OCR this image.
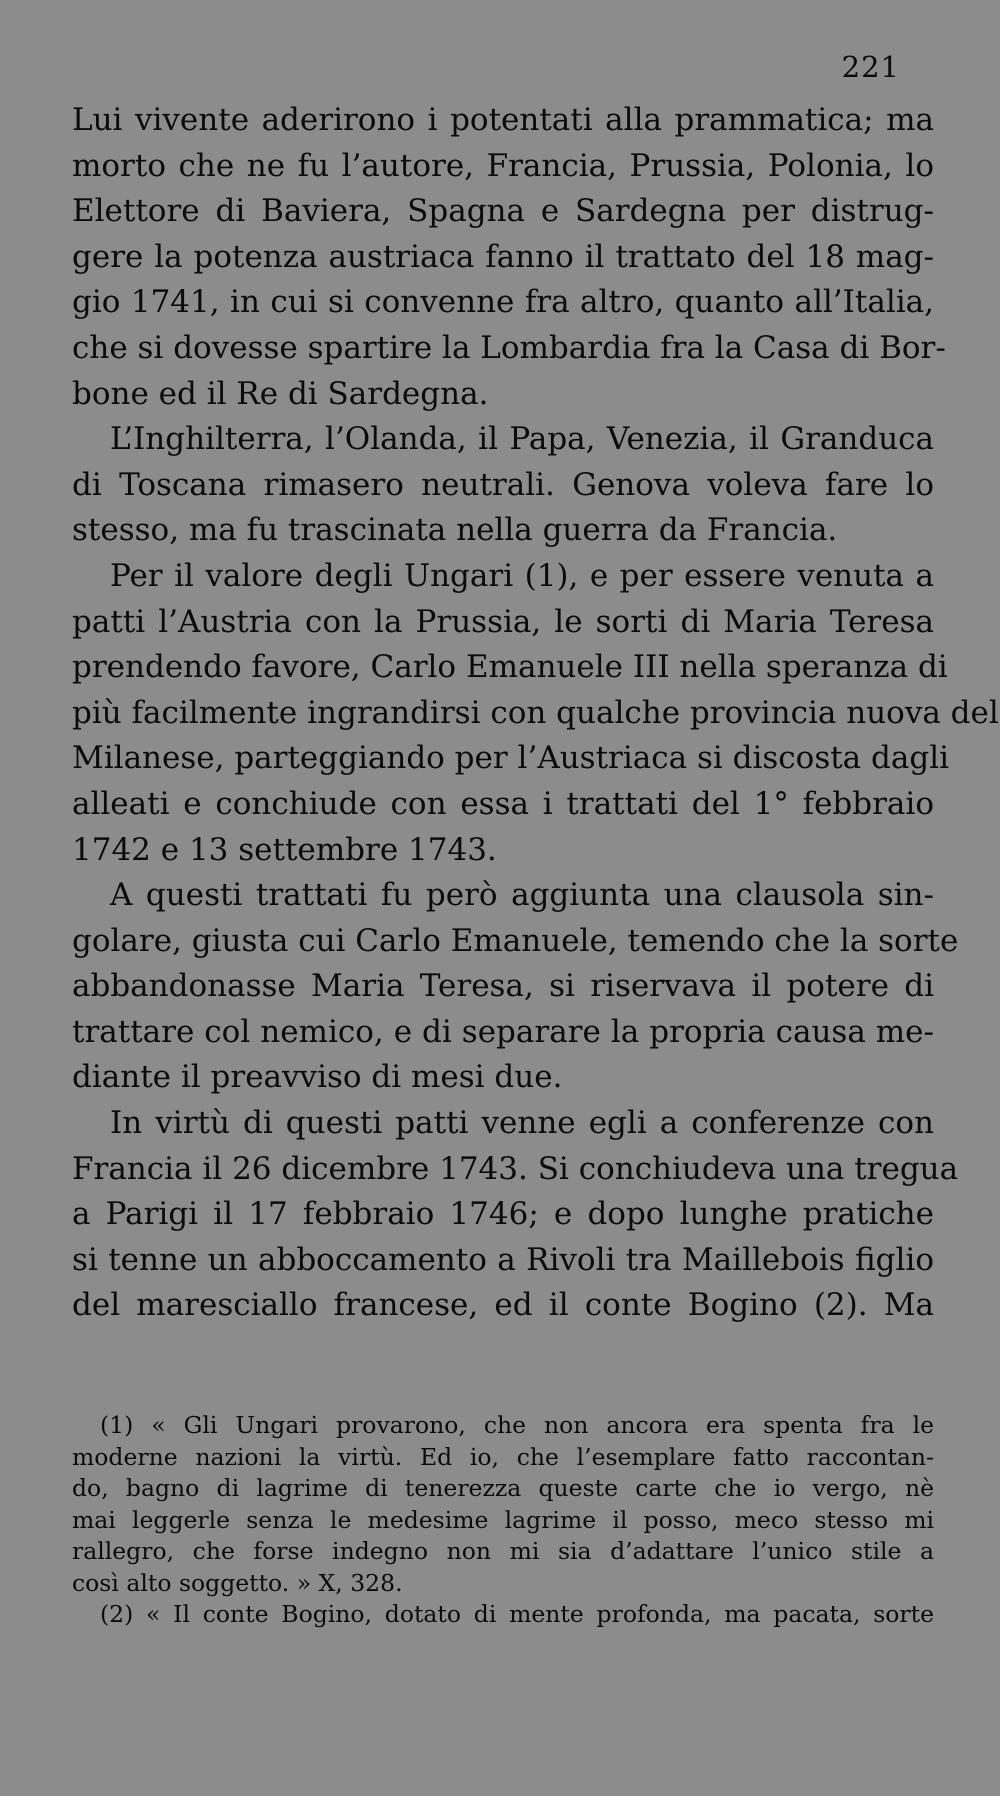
221
Lui vivente aderirono i potentati alla prammatica; ma
morto che ne fu l’autore, Francia, Prussia, Polonia, lo
Elettore di Baviera, Spagna e Sardegna per distrug-
gere la potenza austriaca fanno il trattato del 18 mag-
gio 1741, in cui si convenne fra altro, quanto all’Italia,
che si dovesse spartire la Lombardia fra la Casa di Bor-
bone ed il Re di Sardegna.
L’Inghilterra, l’Olanda, il Papa, Venezia, il Granduca
di Toscana rimasero neutrali. Genova voleva fare lo
stesso, ma fu trascinata nella guerra da Francia.
Per il valore degli Ungari (1), e per essere venuta a
patti l’Austria con la Prussia, le sorti di Maria Teresa
prendendo favore, Carlo Emanuele III nella speranza di
più facilmente ingrandirsi con qualche provincia nuova del
Milanese, parteggiando per l’Austriaca si discosta dagli
alleati e conchiude con essa i trattati del 1° febbraio
1742 e 13 settembre 1743.
A questi trattati fu però aggiunta una clausola sin-
golare, giusta cui Carlo Emanuele, temendo che la sorte
abbandonasse Maria Teresa, si riservava il potere di
trattare col nemico, e di separare la propria causa me-
diante il preavviso di mesi due.
In virtù di questi patti venne egli a conferenze con
Francia il 26 dicembre 1743. Si conchiudeva una tregua
a Parigi il 17 febbraio 1746; e dopo lunghe pratiche
si tenne un abboccamento a Rivoli tra Maillebois figlio
del maresciallo francese, ed il conte Bogino (2). Ma
(1) « Gli Ungari provarono, che non ancora era spenta fra le
moderne nazioni la virtù. Ed io, che l’esemplare fatto raccontan-
do, bagno di lagrime di tenerezza queste carte che io vergo, nè
mai leggerle senza le medesime lagrime il posso, meco stesso mi
rallegro, che forse indegno non mi sia d’adattare l’unico stile a
così alto soggetto. » X, 328.
(2) « Il conte Bogino, dotato di mente profonda, ma pacata, sorte
